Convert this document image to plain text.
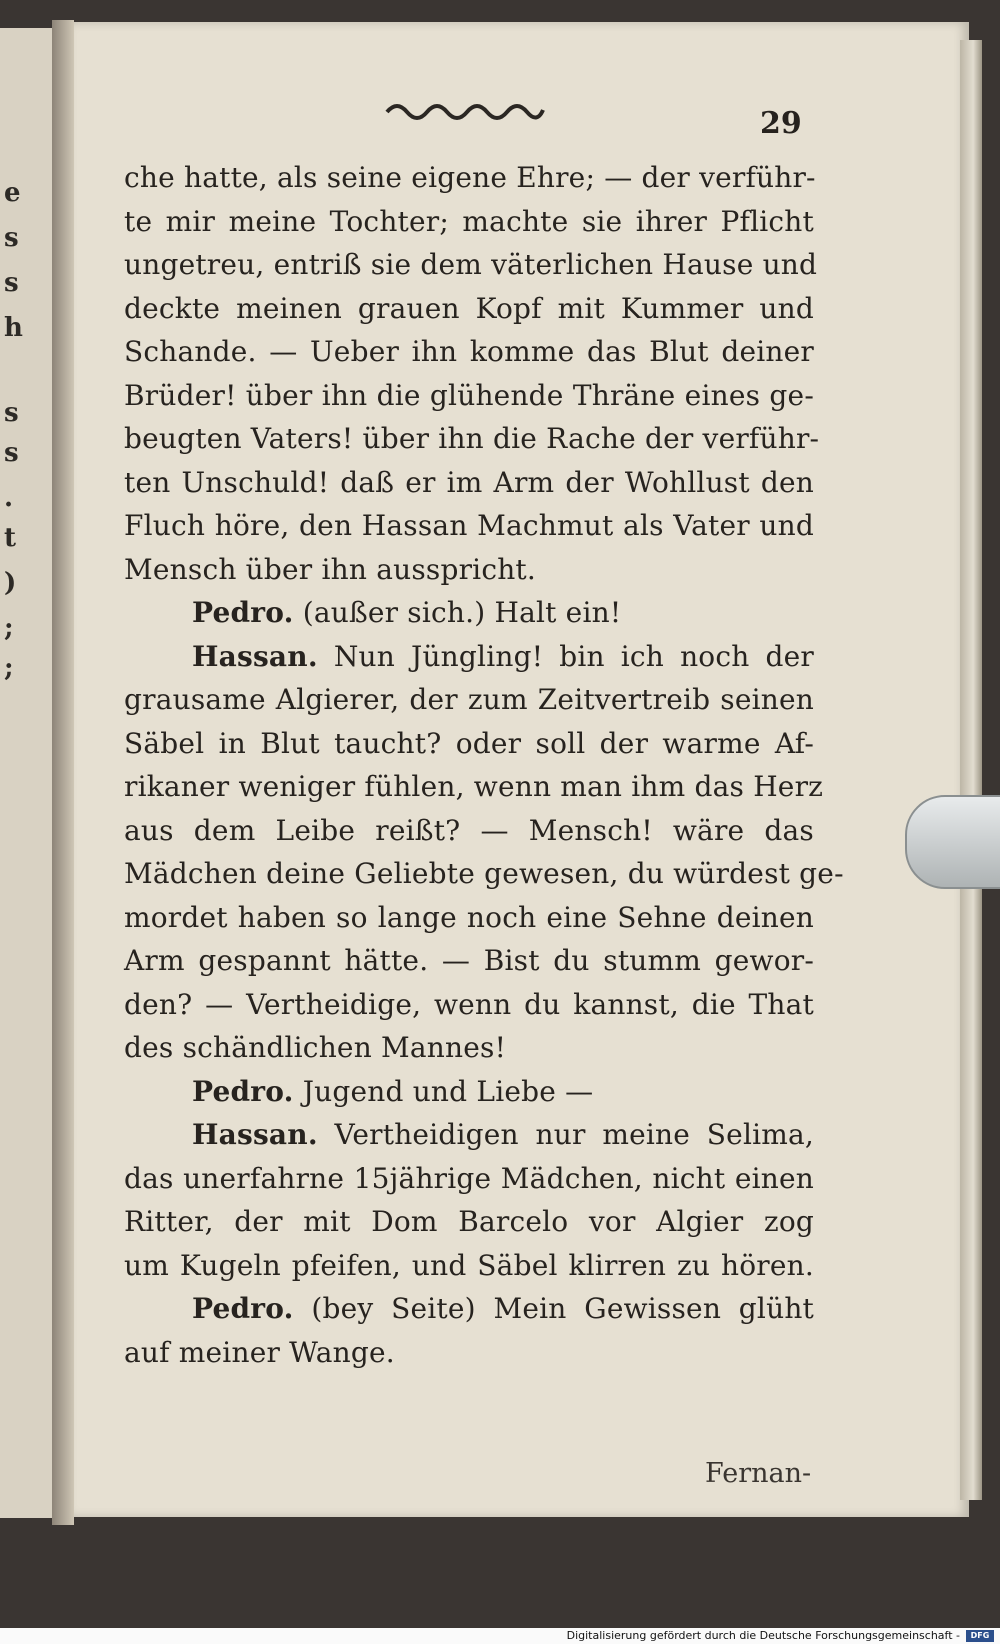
e
s
s
h
s
s
.
t
)
;
;
29
che hatte, als seine eigene Ehre; — der verführ-
te mir meine Tochter; machte sie ihrer Pflicht
ungetreu, entriß sie dem väterlichen Hause und
deckte meinen grauen Kopf mit Kummer und
Schande. — Ueber ihn komme das Blut deiner
Brüder! über ihn die glühende Thräne eines ge-
beugten Vaters! über ihn die Rache der verführ-
ten Unschuld! daß er im Arm der Wohllust den
Fluch höre, den Hassan Machmut als Vater und
Mensch über ihn ausspricht.
Pedro. (außer sich.) Halt ein!
Hassan. Nun Jüngling! bin ich noch der
grausame Algierer, der zum Zeitvertreib seinen
Säbel in Blut taucht? oder soll der warme Af-
rikaner weniger fühlen, wenn man ihm das Herz
aus dem Leibe reißt? — Mensch! wäre das
Mädchen deine Geliebte gewesen, du würdest ge-
mordet haben so lange noch eine Sehne deinen
Arm gespannt hätte. — Bist du stumm gewor-
den? — Vertheidige, wenn du kannst, die That
des schändlichen Mannes!
Pedro. Jugend und Liebe —
Hassan. Vertheidigen nur meine Selima,
das unerfahrne 15jährige Mädchen, nicht einen
Ritter, der mit Dom Barcelo vor Algier zog
um Kugeln pfeifen, und Säbel klirren zu hören.
Pedro. (bey Seite) Mein Gewissen glüht
auf meiner Wange.
Fernan-
Digitalisierung gefördert durch die Deutsche Forschungsgemeinschaft -	DFG
